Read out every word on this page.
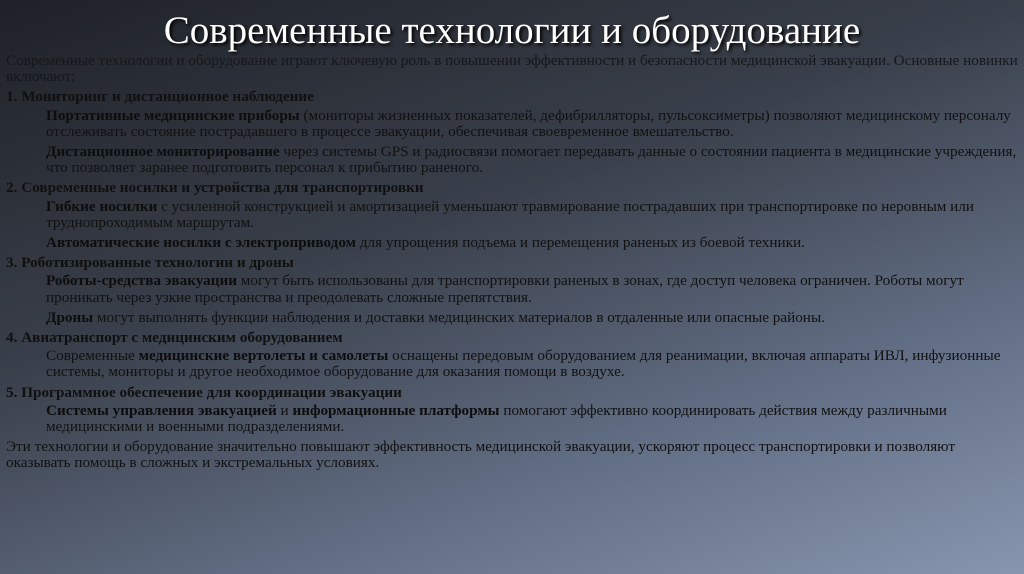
Современные технологии и оборудование

Современные технологии и оборудование играют ключевую роль в повышении эффективности и безопасности медицинской эвакуации. Основные новинки включают:

1. Мониторинг и дистанционное наблюдение

Портативные медицинские приборы (мониторы жизненных показателей, дефибрилляторы, пульсоксиметры) позволяют медицинскому персоналу отслеживать состояние пострадавшего в процессе эвакуации, обеспечивая своевременное вмешательство.

Дистанционное мониторирование через системы GPS и радиосвязи помогает передавать данные о состоянии пациента в медицинские учреждения, что позволяет заранее подготовить персонал к прибытию раненого.

2. Современные носилки и устройства для транспортировки

Гибкие носилки с усиленной конструкцией и амортизацией уменьшают травмирование пострадавших при транспортировке по неровным или труднопроходимым маршрутам.

Автоматические носилки с электроприводом для упрощения подъема и перемещения раненых из боевой техники.

3. Роботизированные технологии и дроны

Роботы-средства эвакуации могут быть использованы для транспортировки раненых в зонах, где доступ человека ограничен. Роботы могут проникать через узкие пространства и преодолевать сложные препятствия.

Дроны могут выполнять функции наблюдения и доставки медицинских материалов в отдаленные или опасные районы.

4. Авиатранспорт с медицинским оборудованием

Современные медицинские вертолеты и самолеты оснащены передовым оборудованием для реанимации, включая аппараты ИВЛ, инфузионные системы, мониторы и другое необходимое оборудование для оказания помощи в воздухе.

5. Программное обеспечение для координации эвакуации

Системы управления эвакуацией и информационные платформы помогают эффективно координировать действия между различными медицинскими и военными подразделениями.

Эти технологии и оборудование значительно повышают эффективность медицинской эвакуации, ускоряют процесс транспортировки и позволяют оказывать помощь в сложных и экстремальных условиях.
